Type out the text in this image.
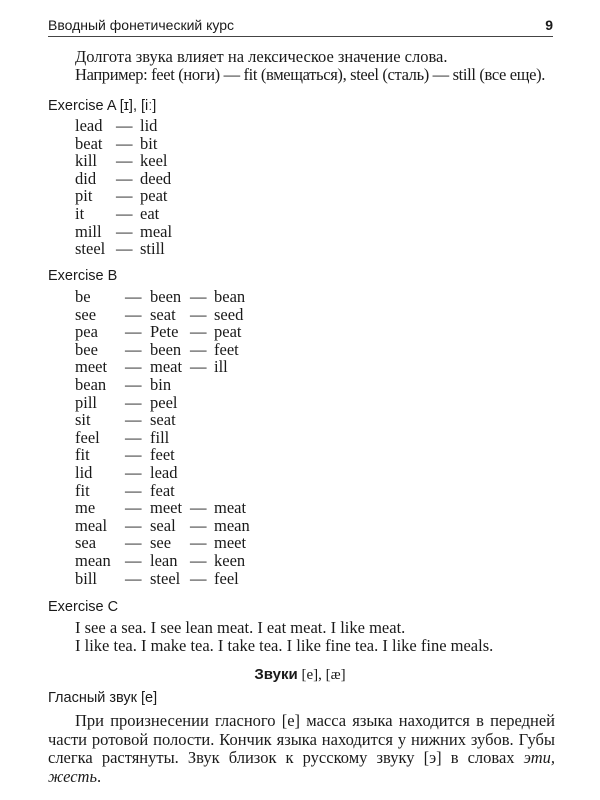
Вводный фонетический курс	9
Долгота звука влияет на лексическое значение слова.
Например: feet (ноги) — fit (вмещаться), steel (сталь) — still (все еще).
Exercise A [ɪ], [iː]
lead — lid
beat — bit
kill — keel
did — deed
pit — peat
it — eat
mill — meal
steel — still
Exercise B
be — been — bean
see — seat — seed
pea — Pete — peat
bee — been — feet
meet — meat — ill
bean — bin
pill — peel
sit — seat
feel — fill
fit — feet
lid — lead
fit — feat
me — meet — meat
meal — seal — mean
sea — see — meet
mean — lean — keen
bill — steel — feel
Exercise C
I see a sea. I see lean meat. I eat meat. I like meat.
I like tea. I make tea. I take tea. I like fine tea. I like fine meals.
Звуки [e], [æ]
Гласный звук [e]
При произнесении гласного [e] масса языка находится в передней части ротовой полости. Кончик языка находится у нижних зубов. Губы слегка растянуты. Звук близок к русскому звуку [э] в словах эти, жесть.
